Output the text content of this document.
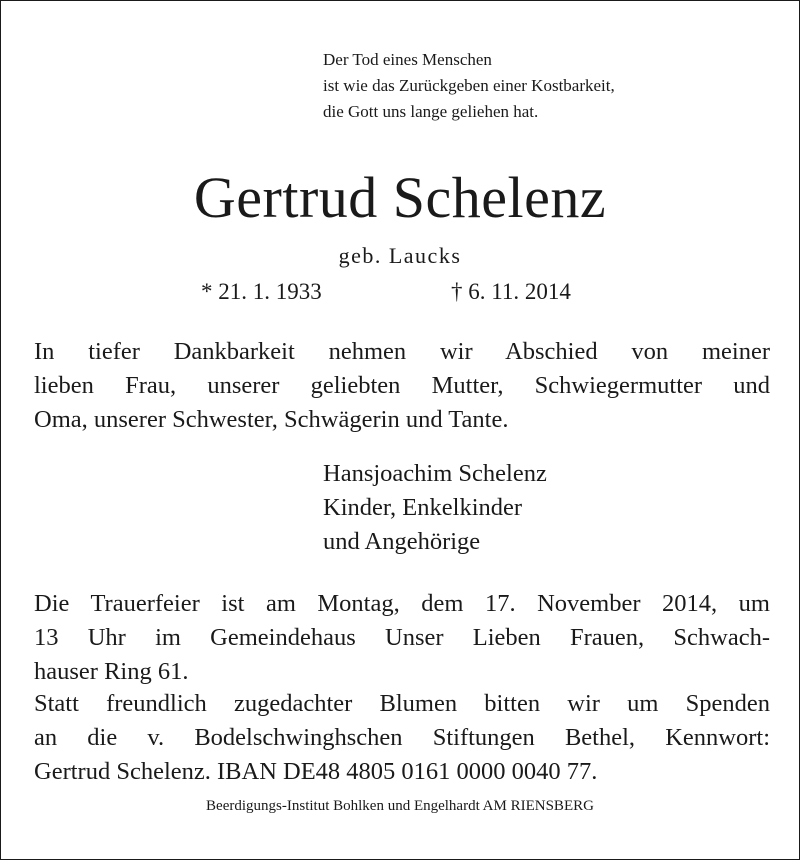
Der Tod eines Menschen
ist wie das Zurückgeben einer Kostbarkeit,
die Gott uns lange geliehen hat.
Gertrud Schelenz
geb. Laucks
* 21. 1. 1933	† 6. 11. 2014
In tiefer Dankbarkeit nehmen wir Abschied von meiner
lieben Frau, unserer geliebten Mutter, Schwiegermutter und
Oma, unserer Schwester, Schwägerin und Tante.
Hansjoachim Schelenz
Kinder, Enkelkinder
und Angehörige
Die Trauerfeier ist am Montag, dem 17. November 2014, um
13 Uhr im Gemeindehaus Unser Lieben Frauen, Schwach-
hauser Ring 61.
Statt freundlich zugedachter Blumen bitten wir um Spenden
an die v. Bodelschwinghschen Stiftungen Bethel, Kennwort:
Gertrud Schelenz. IBAN DE48 4805 0161 0000 0040 77.
Beerdigungs-Institut Bohlken und Engelhardt AM RIENSBERG
